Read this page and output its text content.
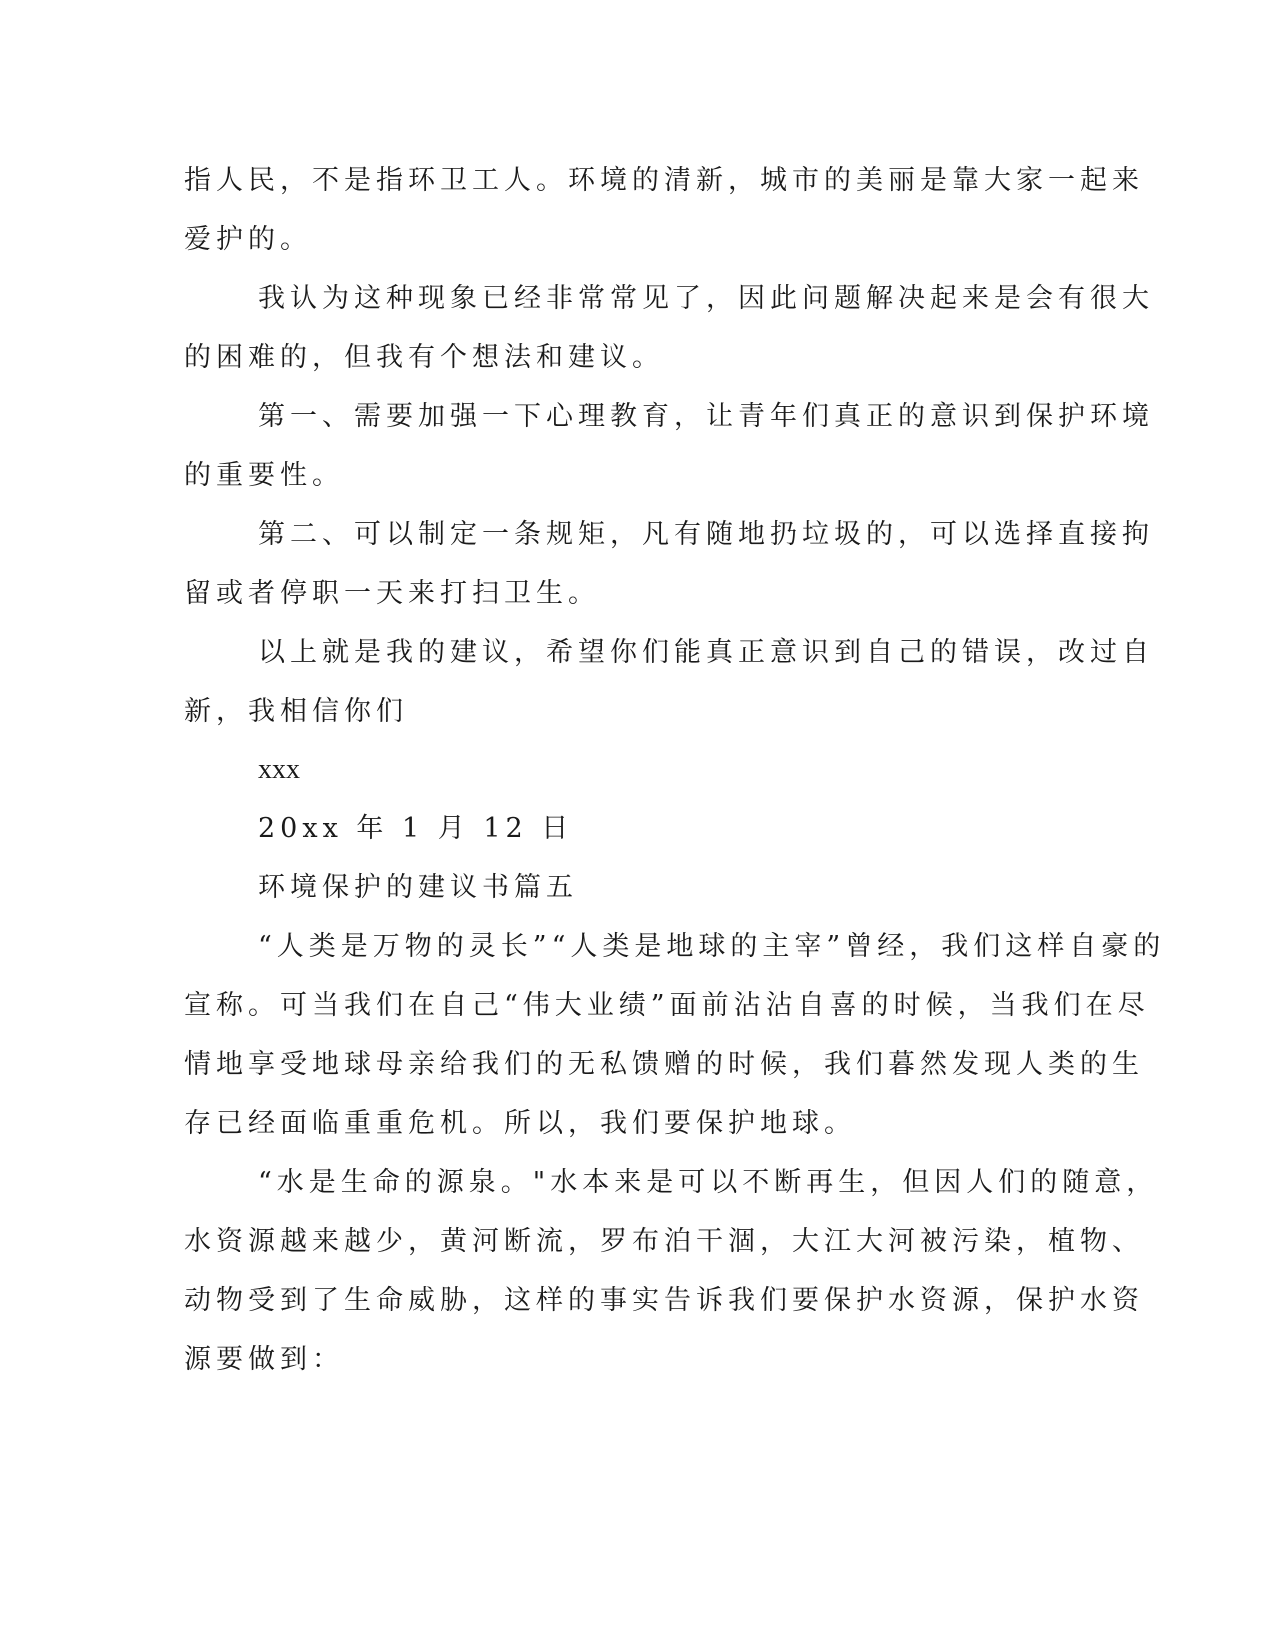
指人民，不是指环卫工人。环境的清新，城市的美丽是靠大家一起来

爱护的。

我认为这种现象已经非常常见了，因此问题解决起来是会有很大

的困难的，但我有个想法和建议。

第一、需要加强一下心理教育，让青年们真正的意识到保护环境

的重要性。

第二、可以制定一条规矩，凡有随地扔垃圾的，可以选择直接拘

留或者停职一天来打扫卫生。

以上就是我的建议，希望你们能真正意识到自己的错误，改过自

新，我相信你们

xxx

20xx 年 1 月 12 日

环境保护的建议书篇五

“人类是万物的灵长”“人类是地球的主宰”曾经，我们这样自豪的

宣称。可当我们在自己“伟大业绩”面前沾沾自喜的时候，当我们在尽

情地享受地球母亲给我们的无私馈赠的时候，我们暮然发现人类的生

存已经面临重重危机。所以，我们要保护地球。

“水是生命的源泉。"水本来是可以不断再生，但因人们的随意，

水资源越来越少，黄河断流，罗布泊干涸，大江大河被污染，植物、

动物受到了生命威胁，这样的事实告诉我们要保护水资源，保护水资

源要做到：
